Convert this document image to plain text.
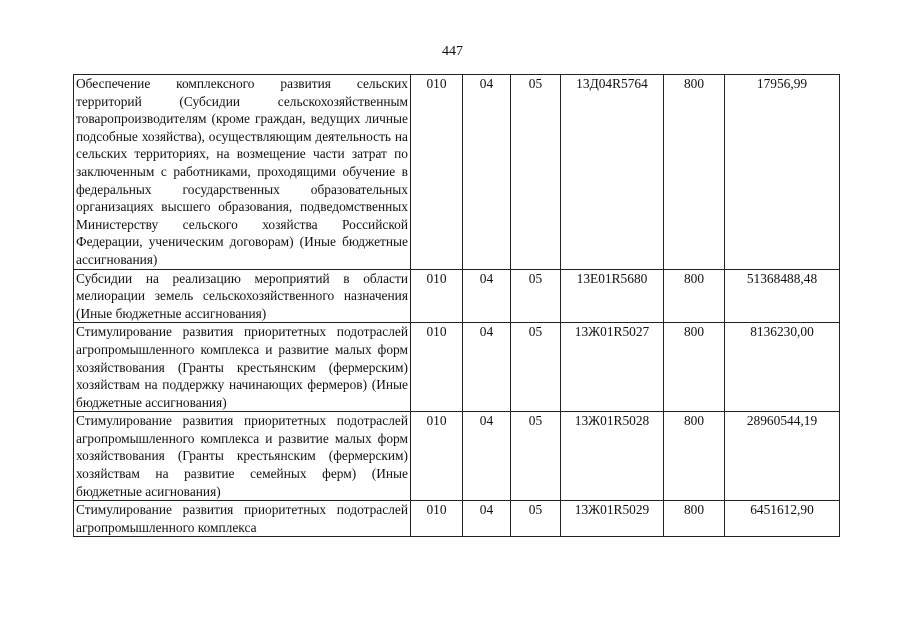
447
Обеспечение комплексного развития сельских территорий (Субсидии сельскохозяйственным товаропроизводителям (кроме граждан, ведущих личные подсобные хозяйства), осуществляющим деятельность на сельских территориях, на возмещение части затрат по заключенным с работниками, проходящими обучение в федеральных государственных образовательных организациях высшего образования, подведомственных Министерству сельского хозяйства Российской Федерации, ученическим договорам) (Иные бюджетные ассигнования)	010	04	05	13Д04R5764	800	17956,99
Субсидии на реализацию мероприятий в области мелиорации земель сельскохозяйственного назначения (Иные бюджетные ассигнования)	010	04	05	13Е01R5680	800	51368488,48
Стимулирование развития приоритетных подотраслей агропромышленного комплекса и развитие малых форм хозяйствования (Гранты крестьянским (фермерским) хозяйствам на поддержку начинающих фермеров) (Иные бюджетные ассигнования)	010	04	05	13Ж01R5027	800	8136230,00
Стимулирование развития приоритетных подотраслей агропромышленного комплекса и развитие малых форм хозяйствования (Гранты крестьянским (фермерским) хозяйствам на развитие семейных ферм) (Иные бюджетные асигнования)	010	04	05	13Ж01R5028	800	28960544,19
Стимулирование развития приоритетных подотраслей агропромышленного комплекса	010	04	05	13Ж01R5029	800	6451612,90
